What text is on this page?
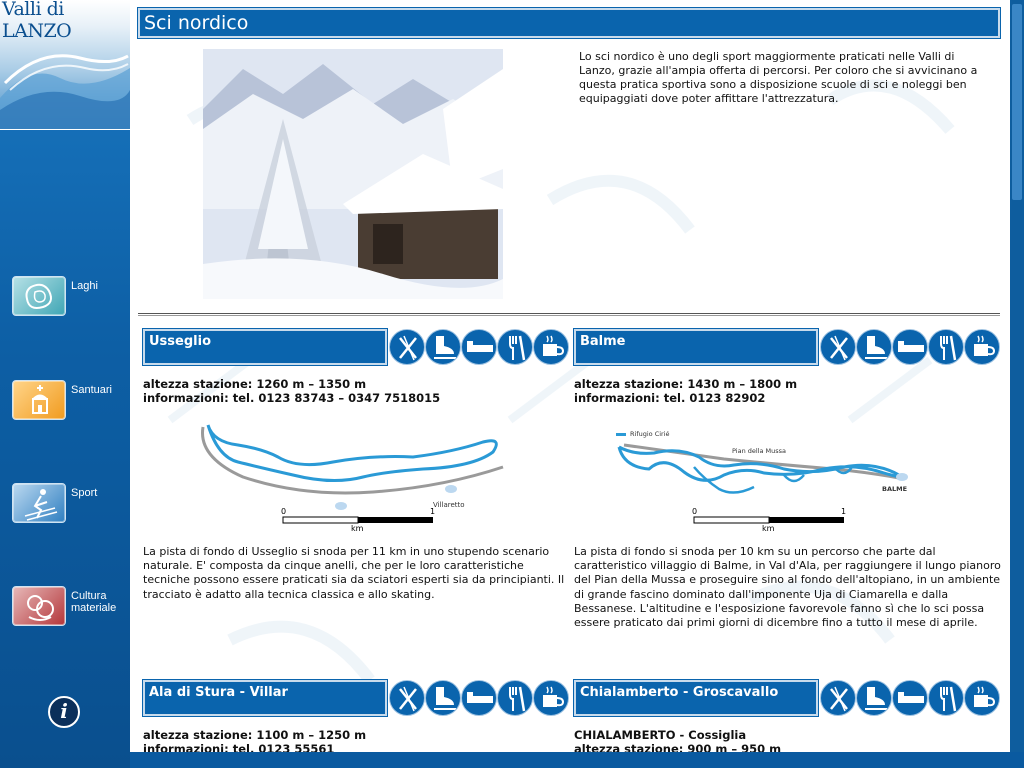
Valli di LANZO
Laghi
Santuari
Sport
Cultura materiale
i
Sci nordico
Lo sci nordico è uno degli sport maggiormente praticati nelle Valli di Lanzo, grazie all'ampia offerta di percorsi. Per coloro che si avvicinano a questa pratica sportiva sono a disposizione scuole di sci e noleggi ben equipaggiati dove poter affittare l'attrezzatura.
Usseglio
altezza stazione: 1260 m – 1350 m
informazioni: tel. 0123 83743 – 0347 7518015
Villaretto
0	1
km
La pista di fondo di Usseglio si snoda per 11 km in uno stupendo scenario naturale. E' composta da cinque anelli, che per le loro caratteristiche tecniche possono essere praticati sia da sciatori esperti sia da principianti. Il tracciato è adatto alla tecnica classica e allo skating.
Balme
altezza stazione: 1430 m – 1800 m
informazioni: tel. 0123 82902
Rifugio Cirié
Pian della Mussa
BALME
0	1
km
La pista di fondo si snoda per 10 km su un percorso che parte dal caratteristico villaggio di Balme, in Val d'Ala, per raggiungere il lungo pianoro del Pian della Mussa e proseguire sino al fondo dell'altopiano, in un ambiente di grande fascino dominato dall'imponente Uja di Ciamarella e dalla Bessanese. L'altitudine e l'esposizione favorevole fanno sì che lo sci possa essere praticato dai primi giorni di dicembre fino a tutto il mese di aprile.
Ala di Stura - Villar
altezza stazione: 1100 m – 1250 m
informazioni: tel. 0123 55561
Chialamberto - Groscavallo
CHIALAMBERTO - Cossiglia
altezza stazione: 900 m – 950 m
